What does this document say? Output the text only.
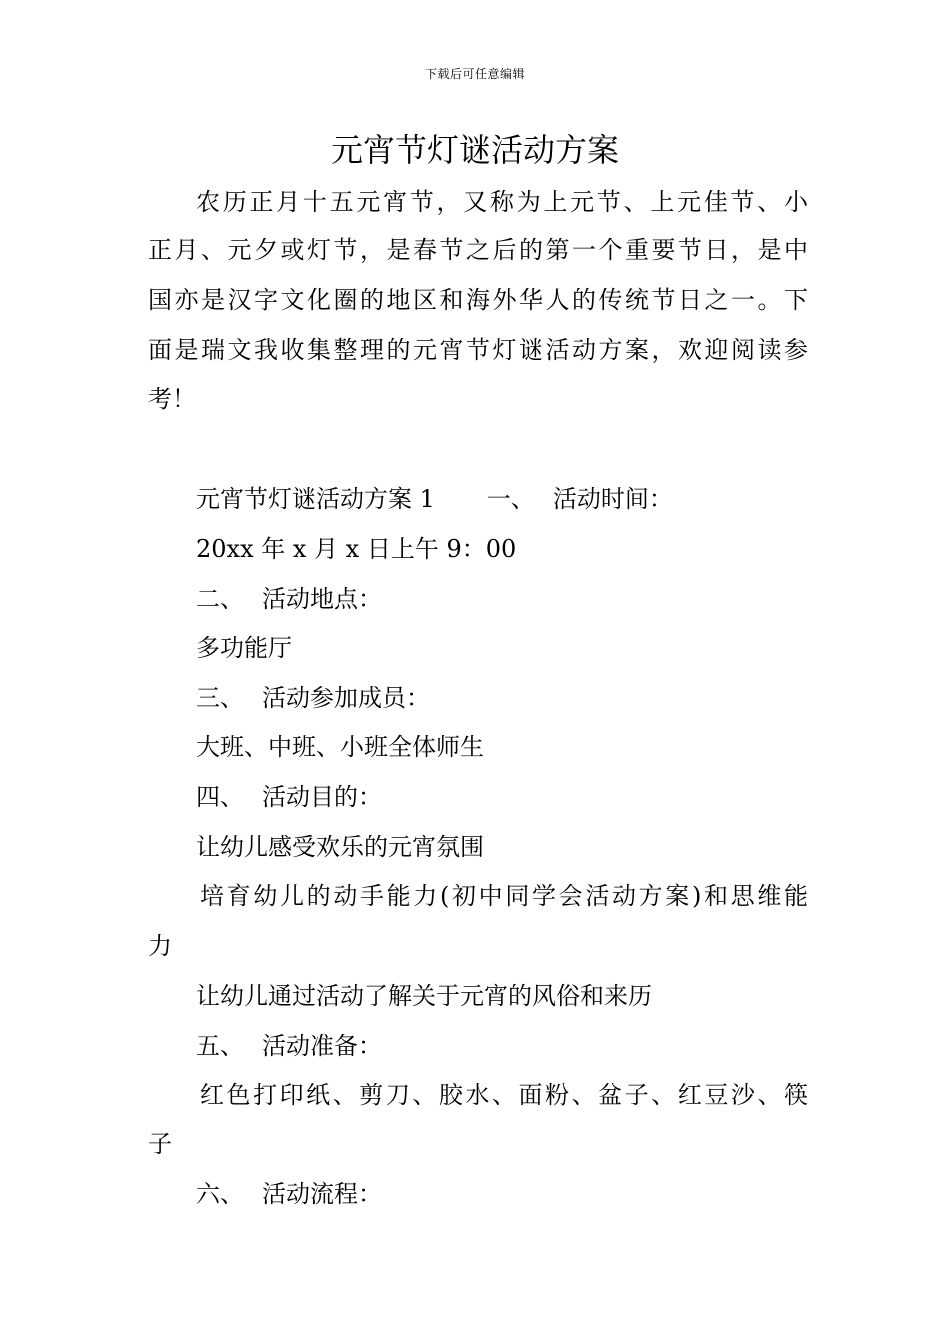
下载后可任意编辑
元宵节灯谜活动方案
农历正月十五元宵节，又称为上元节、上元佳节、小
正月、元夕或灯节，是春节之后的第一个重要节日，是中
国亦是汉字文化圈的地区和海外华人的传统节日之一。下
面是瑞文我收集整理的元宵节灯谜活动方案，欢迎阅读参
考！
元宵节灯谜活动方案 1 一、 活动时间：
20xx 年 x 月 x 日上午 9：00
二、 活动地点：
多功能厅
三、 活动参加成员：
大班、中班、小班全体师生
四、 活动目的：
让幼儿感受欢乐的元宵氛围
培育幼儿的动手能力(初中同学会活动方案)和思维能
力
让幼儿通过活动了解关于元宵的风俗和来历
五、 活动准备：
红色打印纸、剪刀、胶水、面粉、盆子、红豆沙、筷
子
六、 活动流程：
